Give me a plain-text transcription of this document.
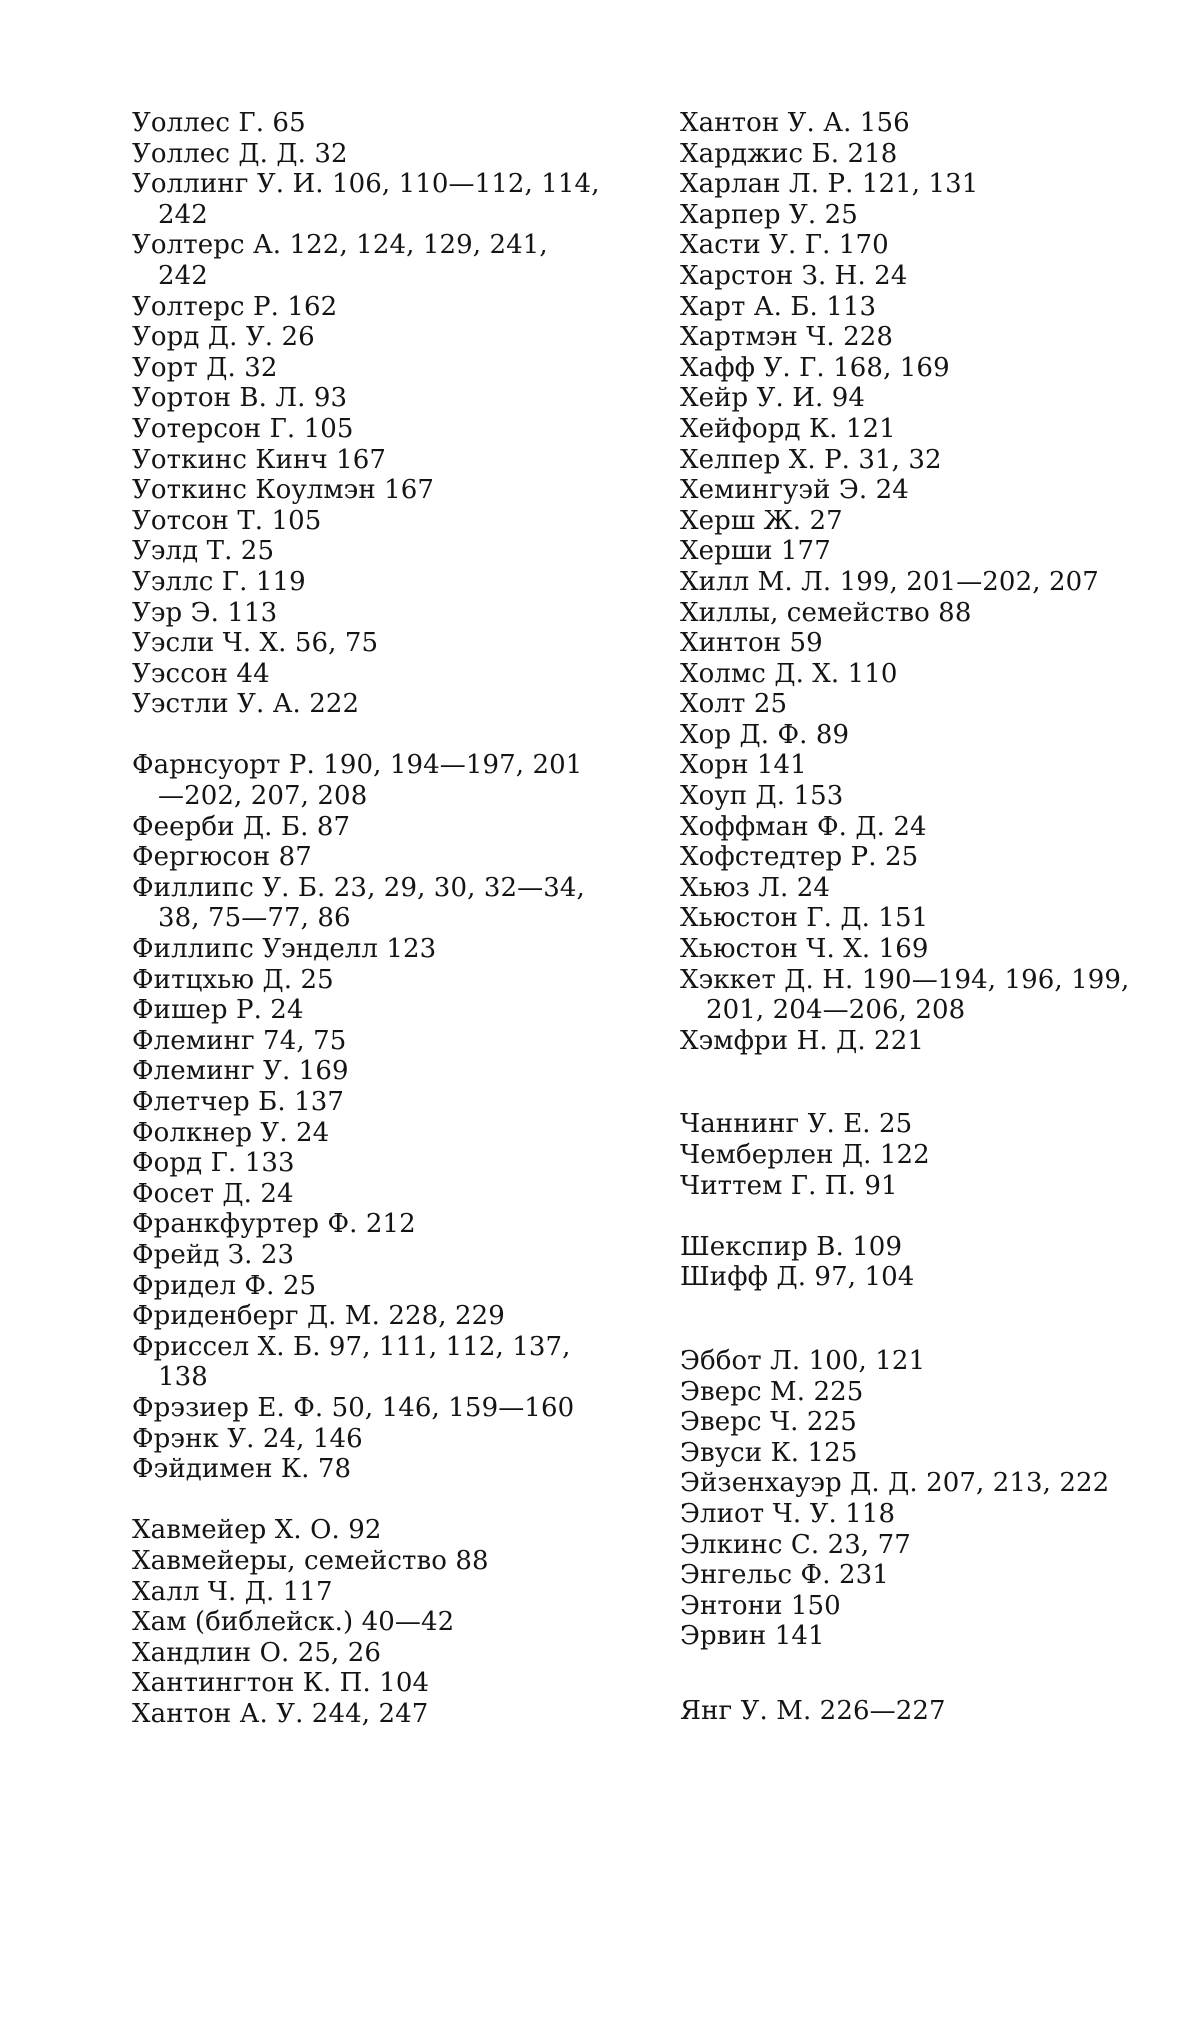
Уоллес Г. 65
Уоллес Д. Д. 32
Уоллинг У. И. 106, 110—112, 114, 242
Уолтерс А. 122, 124, 129, 241, 242
Уолтерс Р. 162
Уорд Д. У. 26
Уорт Д. 32
Уортон В. Л. 93
Уотерсон Г. 105
Уоткинс Кинч 167
Уоткинс Коулмэн 167
Уотсон Т. 105
Уэлд Т. 25
Уэллс Г. 119
Уэр Э. 113
Уэсли Ч. Х. 56, 75
Уэссон 44
Уэстли У. А. 222
Фарнсуорт Р. 190, 194—197, 201—202, 207, 208
Феерби Д. Б. 87
Фергюсон 87
Филлипс У. Б. 23, 29, 30, 32—34, 38, 75—77, 86
Филлипс Уэнделл 123
Фитцхью Д. 25
Фишер Р. 24
Флеминг 74, 75
Флеминг У. 169
Флетчер Б. 137
Фолкнер У. 24
Форд Г. 133
Фосет Д. 24
Франкфуртер Ф. 212
Фрейд З. 23
Фридел Ф. 25
Фриденберг Д. М. 228, 229
Фриссел Х. Б. 97, 111, 112, 137, 138
Фрэзиер Е. Ф. 50, 146, 159—160
Фрэнк У. 24, 146
Фэйдимен К. 78
Хавмейер Х. О. 92
Хавмейеры, семейство 88
Халл Ч. Д. 117
Хам (библейск.) 40—42
Хандлин О. 25, 26
Хантингтон К. П. 104
Хантон А. У. 244, 247
Хантон У. А. 156
Харджис Б. 218
Харлан Л. Р. 121, 131
Харпер У. 25
Хасти У. Г. 170
Харстон З. Н. 24
Харт А. Б. 113
Хартмэн Ч. 228
Хафф У. Г. 168, 169
Хейр У. И. 94
Хейфорд К. 121
Хелпер Х. Р. 31, 32
Хемингуэй Э. 24
Херш Ж. 27
Херши 177
Хилл М. Л. 199, 201—202, 207
Хиллы, семейство 88
Хинтон 59
Холмс Д. Х. 110
Холт 25
Хор Д. Ф. 89
Хорн 141
Хоуп Д. 153
Хоффман Ф. Д. 24
Хофстедтер Р. 25
Хьюз Л. 24
Хьюстон Г. Д. 151
Хьюстон Ч. Х. 169
Хэккет Д. Н. 190—194, 196, 199, 201, 204—206, 208
Хэмфри Н. Д. 221
Чаннинг У. Е. 25
Чемберлен Д. 122
Читтем Г. П. 91
Шекспир В. 109
Шифф Д. 97, 104
Эббот Л. 100, 121
Эверс М. 225
Эверс Ч. 225
Эвуси К. 125
Эйзенхауэр Д. Д. 207, 213, 222
Элиот Ч. У. 118
Элкинс С. 23, 77
Энгельс Ф. 231
Энтони 150
Эрвин 141
Янг У. М. 226—227
